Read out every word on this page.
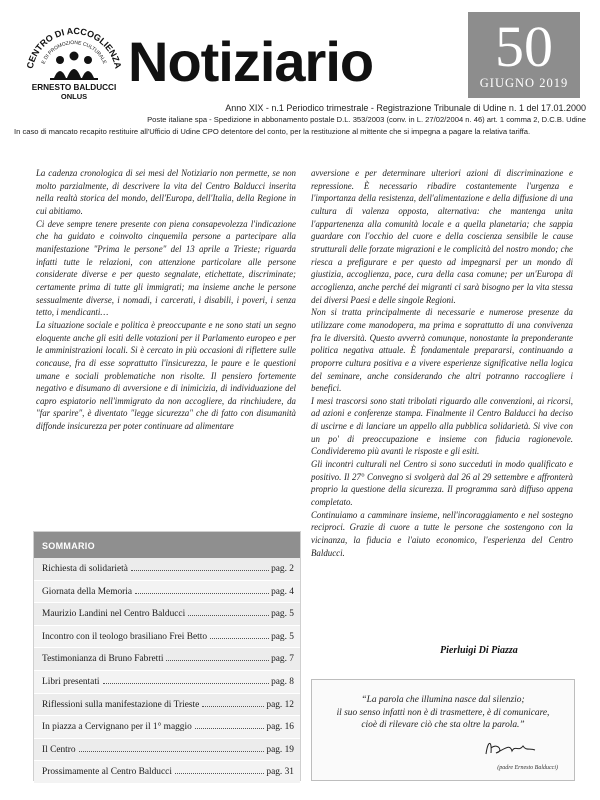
CENTRO DI ACCOGLIENZA
E DI PROMOZIONE CULTURALE
ERNESTO BALDUCCI
ONLUS
Notiziario	50
GIUGNO 2019
Anno XIX - n.1 Periodico trimestrale - Registrazione Tribunale di Udine n. 1 del 17.01.2000
Poste italiane spa - Spedizione in abbonamento postale D.L. 353/2003 (conv. in L. 27/02/2004 n. 46) art. 1 comma 2, D.C.B. Udine
In caso di mancato recapito restituire all'Ufficio di Udine CPO detentore del conto, per la restituzione al mittente che si impegna a pagare la relativa tariffa.

La cadenza cronologica di sei mesi del Notiziario non permette, se non molto parzialmente, di descrivere la vita del Centro Balducci inserita nella realtà storica del mondo, dell'Europa, dell'Italia, della Regione in cui abitiamo.

Ci deve sempre tenere presente con piena consapevolezza l'indicazione che ha guidato e coinvolto cinquemila persone a partecipare alla manifestazione "Prima le persone" del 13 aprile a Trieste; riguarda infatti tutte le relazioni, con attenzione particolare alle persone considerate diverse e per questo segnalate, etichettate, discriminate; certamente prima di tutte gli immigrati; ma insieme anche le persone sessualmente diverse, i nomadi, i carcerati, i disabili, i poveri, i senza tetto, i mendicanti…

La situazione sociale e politica è preoccupante e ne sono stati un segno eloquente anche gli esiti delle votazioni per il Parlamento europeo e per le amministrazioni locali. Si è cercato in più occasioni di riflettere sulle concause, fra di esse soprattutto l'insicurezza, le paure e le questioni umane e sociali problematiche non risolte. Il pensiero fortemente negativo e disumano di avversione e di inimicizia, di individuazione del capro espiatorio nell'immigrato da non accogliere, da rinchiudere, da "far sparire", è diventato "legge sicurezza" che di fatto con disumanità diffonde insicurezza per poter continuare ad alimentare

avversione e per determinare ulteriori azioni di discriminazione e repressione. È necessario ribadire costantemente l'urgenza e l'importanza della resistenza, dell'alimentazione e della diffusione di una cultura di valenza opposta, alternativa: che mantenga unita l'appartenenza alla comunità locale e a quella planetaria; che sappia guardare con l'occhio del cuore e della coscienza sensibile le cause strutturali delle forzate migrazioni e le complicità del nostro mondo; che riesca a prefigurare e per questo ad impegnarsi per un mondo di giustizia, accoglienza, pace, cura della casa comune; per un'Europa di accoglienza, anche perché dei migranti ci sarà bisogno per la vita stessa dei diversi Paesi e delle singole Regioni.

Non si tratta principalmente di necessarie e numerose presenze da utilizzare come manodopera, ma prima e soprattutto di una convivenza fra le diversità. Questo avverrà comunque, nonostante la preponderante politica negativa attuale. È fondamentale prepararsi, continuando a proporre cultura positiva e a vivere esperienze significative nella logica del seminare, anche considerando che altri potranno raccogliere i benefici.

I mesi trascorsi sono stati tribolati riguardo alle convenzioni, ai ricorsi, ad azioni e conferenze stampa. Finalmente il Centro Balducci ha deciso di uscirne e di lanciare un appello alla pubblica solidarietà. Si vive con un po' di preoccupazione e insieme con fiducia ragionevole. Condivideremo più avanti le risposte e gli esiti.

Gli incontri culturali nel Centro si sono succeduti in modo qualificato e positivo. Il 27° Convegno si svolgerà dal 26 al 29 settembre e affronterà proprio la questione della sicurezza. Il programma sarà diffuso appena completato.

Continuiamo a camminare insieme, nell'incoraggiamento e nel sostegno reciproci. Grazie di cuore a tutte le persone che sostengono con la vicinanza, la fiducia e l'aiuto economico, l'esperienza del Centro Balducci.

Pierluigi Di Piazza
SOMMARIO
Richiesta di solidarietà	pag. 2
Giornata della Memoria	pag. 4
Maurizio Landini nel Centro Balducci	pag. 5
Incontro con il teologo brasiliano Frei Betto	pag. 5
Testimonianza di Bruno Fabretti	pag. 7
Libri presentati	pag. 8
Riflessioni sulla manifestazione di Trieste	pag. 12
In piazza a Cervignano per il 1° maggio	pag. 16
Il Centro	pag. 19
Prossimamente al Centro Balducci	pag. 31
“La parola che illumina nasce dal silenzio;
il suo senso infatti non è di trasmettere, è di comunicare,
cioè di rilevare ciò che sta oltre la parola.”
E. Balducci
(padre Ernesto Balducci)
